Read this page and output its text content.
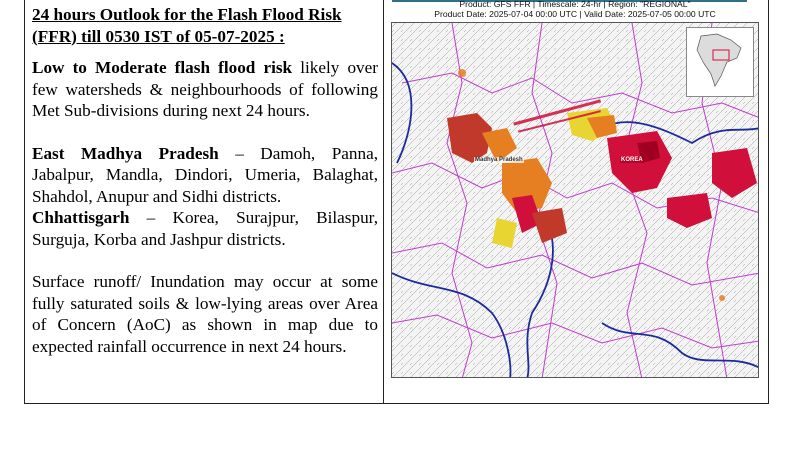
24 hours Outlook for the Flash Flood Risk (FFR) till 0530 IST of 05-07-2025 :

Low to Moderate flash flood risk likely over few watersheds & neighbourhoods of following Met Sub-divisions during next 24 hours.

East Madhya Pradesh – Damoh, Panna, Jabalpur, Mandla, Dindori, Umeria, Balaghat, Shahdol, Anupur and Sidhi districts.
Chhattisgarh – Korea, Surajpur, Bilaspur, Surguja, Korba and Jashpur districts.

Surface runoff/ Inundation may occur at some fully saturated soils & low-lying areas over Area of Concern (AoC) as shown in map due to expected rainfall occurrence in next 24 hours.

Product: GFS FFR | Timescale: 24-hr | Region: "REGIONAL"
Product Date: 2025-07-04 00:00 UTC | Valid Date: 2025-07-05 00:00 UTC
Madhya Pradesh	KOREA
